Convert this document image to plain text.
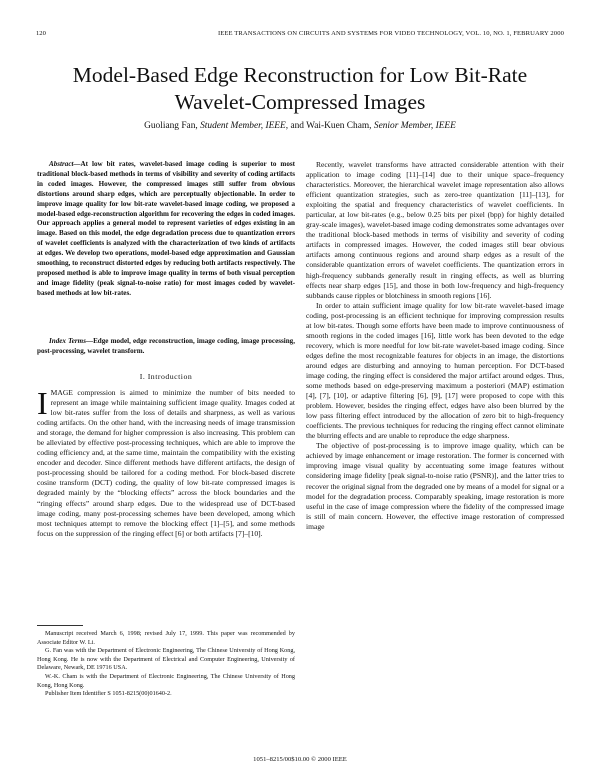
120	IEEE TRANSACTIONS ON CIRCUITS AND SYSTEMS FOR VIDEO TECHNOLOGY, VOL. 10, NO. 1, FEBRUARY 2000
Model-Based Edge Reconstruction for Low Bit-Rate
Wavelet-Compressed Images
Guoliang Fan, Student Member, IEEE, and Wai-Kuen Cham, Senior Member, IEEE
Abstract—At low bit rates, wavelet-based image coding is superior to most traditional block-based methods in terms of visibility and severity of coding artifacts in coded images. However, the compressed images still suffer from obvious distortions around sharp edges, which are perceptually objectionable. In order to improve image quality for low bit-rate wavelet-based image coding, we proposed a model-based edge-reconstruction algorithm for recovering the edges in coded images. Our approach applies a general model to represent varieties of edges existing in an image. Based on this model, the edge degradation process due to quantization errors of wavelet coefficients is analyzed with the characterization of two kinds of artifacts at edges. We develop two operations, model-based edge approximation and Gaussian smoothing, to reconstruct distorted edges by reducing both artifacts respectively. The proposed method is able to improve image quality in terms of both visual perception and image fidelity (peak signal-to-noise ratio) for most images coded by wavelet-based methods at low bit-rates.
Index Terms—Edge model, edge reconstruction, image coding, image processing, post-processing, wavelet transform.
I. Introduction
IMAGE compression is aimed to minimize the number of bits needed to represent an image while maintaining sufficient image quality. Images coded at low bit-rates suffer from the loss of details and sharpness, as well as various coding artifacts. On the other hand, with the increasing needs of image transmission and storage, the demand for higher compression is also increasing. This problem can be alleviated by effective post-processing techniques, which are able to improve the coding efficiency and, at the same time, maintain the compatibility with the existing encoder and decoder. Since different methods have different artifacts, the design of post-processing should be tailored for a coding method. For block-based discrete cosine transform (DCT) coding, the quality of low bit-rate compressed images is degraded mainly by the “blocking effects” across the block boundaries and the “ringing effects” around sharp edges. Due to the widespread use of DCT-based image coding, many post-processing schemes have been developed, among which most techniques attempt to remove the blocking effect [1]–[5], and some methods focus on the suppression of the ringing effect [6] or both artifacts [7]–[10].

Manuscript received March 6, 1998; revised July 17, 1999. This paper was recommended by Associate Editor W. Li.

G. Fan was with the Department of Electronic Engineering, The Chinese University of Hong Kong, Hong Kong. He is now with the Department of Electrical and Computer Engineering, University of Delaware, Newark, DE 19716 USA.

W.-K. Cham is with the Department of Electronic Engineering, The Chinese University of Hong Kong, Hong Kong.

Publisher Item Identifier S 1051-8215(00)01640-2.

Recently, wavelet transforms have attracted considerable attention with their application to image coding [11]–[14] due to their unique space–frequency characteristics. Moreover, the hierarchical wavelet image representation also allows efficient quantization strategies, such as zero-tree quantization [11]–[13], for exploiting the spatial and frequency characteristics of wavelet coefficients. In particular, at low bit-rates (e.g., below 0.25 bits per pixel (bpp) for highly detailed gray-scale images), wavelet-based image coding demonstrates some advantages over the traditional block-based methods in terms of visibility and severity of coding artifacts in compressed images. However, the coded images still bear obvious artifacts among continuous regions and around sharp edges as a result of the considerable quantization errors of wavelet coefficients. The quantization errors in high-frequency subbands generally result in ringing effects, as well as blurring effects near sharp edges [15], and those in both low-frequency and high-frequency subbands cause ripples or blotchiness in smooth regions [16].

In order to attain sufficient image quality for low bit-rate wavelet-based image coding, post-processing is an efficient technique for improving compression results at low bit-rates. Though some efforts have been made to improve continuousness of smooth regions in the coded images [16], little work has been devoted to the edge recovery, which is more needful for low bit-rate wavelet-based image coding. Since edges define the most recognizable features for objects in an image, the distortions around edges are disturbing and annoying to human perception. For DCT-based image coding, the ringing effect is considered the major artifact around edges. Thus, some methods based on edge-preserving maximum a posteriori (MAP) estimation [4], [7], [10], or adaptive filtering [6], [9], [17] were proposed to cope with this problem. However, besides the ringing effect, edges have also been blurred by the low pass filtering effect introduced by the allocation of zero bit to high-frequency coefficients. The previous techniques for reducing the ringing effect cannot eliminate the blurring effects and are unable to reproduce the edge sharpness.

The objective of post-processing is to improve image quality, which can be achieved by image enhancement or image restoration. The former is concerned with improving image visual quality by accentuating some image features without considering image fidelity [peak signal-to-noise ratio (PSNR)], and the latter tries to recover the original signal from the degraded one by means of a model for signal or a model for the degradation process. Comparably speaking, image restoration is more useful in the case of image compression where the fidelity of the compressed image is still of main concern. However, the effective image restoration of compressed image

1051–8215/00$10.00 © 2000 IEEE
